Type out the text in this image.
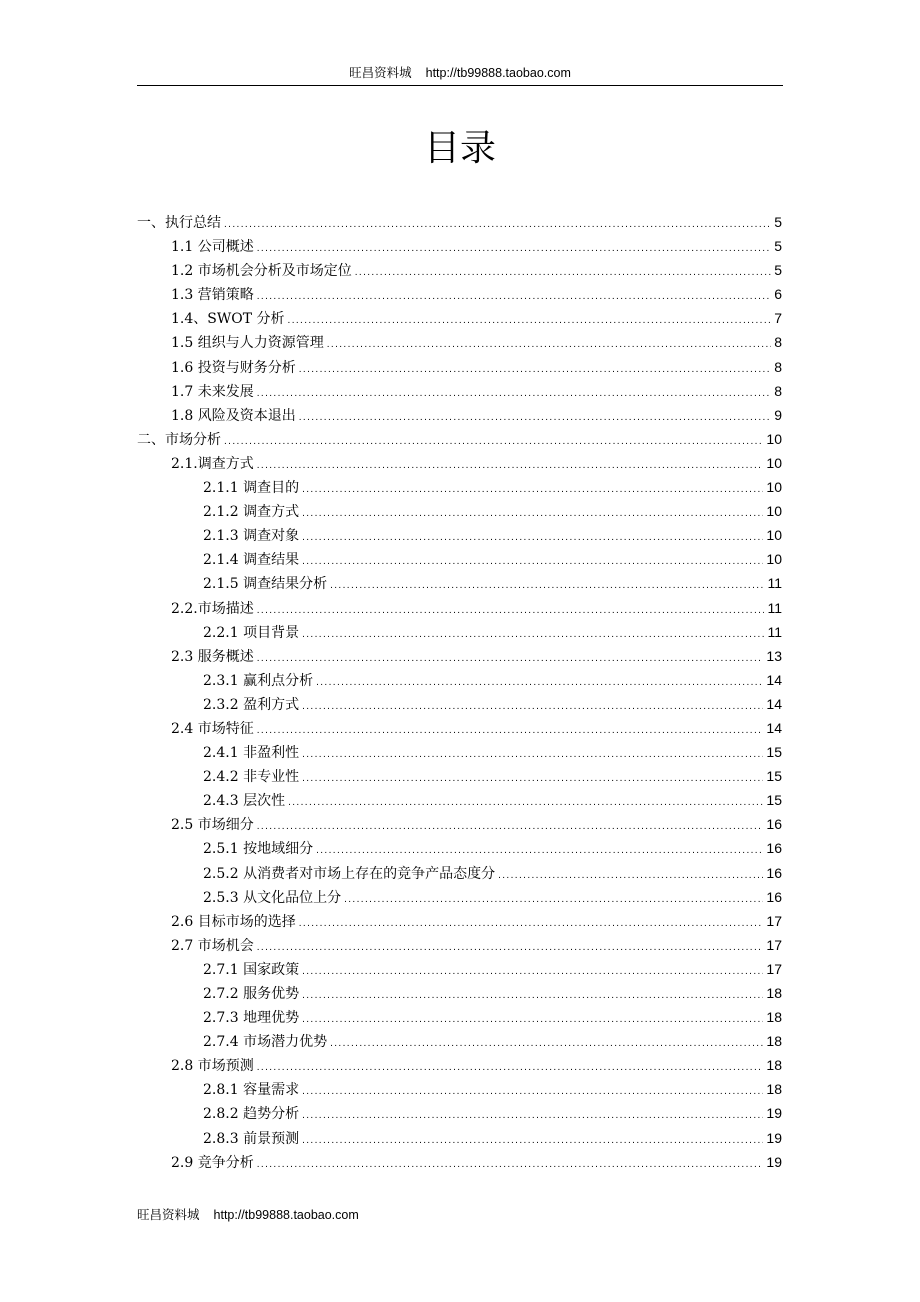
旺昌资料城 http://tb99888.taobao.com
目录
一、执行总结 .....	5
1.1 公司概述 .....	5
1.2 市场机会分析及市场定位 .....	5
1.3 营销策略 .....	6
1.4、SWOT 分析 .....	7
1.5 组织与人力资源管理 .....	8
1.6 投资与财务分析 .....	8
1.7 未来发展 .....	8
1.8 风险及资本退出 .....	9
二、市场分析 .....	10
2.1.调查方式 .....	10
2.1.1 调查目的 .....	10
2.1.2 调查方式 .....	10
2.1.3 调查对象 .....	10
2.1.4 调查结果 .....	10
2.1.5 调查结果分析 .....	11
2.2.市场描述 .....	11
2.2.1 项目背景 .....	11
2.3 服务概述 .....	13
2.3.1 赢利点分析 .....	14
2.3.2 盈利方式 .....	14
2.4 市场特征 .....	14
2.4.1 非盈利性 .....	15
2.4.2 非专业性 .....	15
2.4.3 层次性 .....	15
2.5 市场细分 .....	16
2.5.1 按地域细分 .....	16
2.5.2 从消费者对市场上存在的竞争产品态度分 .....	16
2.5.3 从文化品位上分 .....	16
2.6 目标市场的选择 .....	17
2.7 市场机会 .....	17
2.7.1 国家政策 .....	17
2.7.2 服务优势 .....	18
2.7.3 地理优势 .....	18
2.7.4 市场潜力优势 .....	18
2.8 市场预测 .....	18
2.8.1 容量需求 .....	18
2.8.2 趋势分析 .....	19
2.8.3 前景预测 .....	19
2.9 竞争分析 .....	19
旺昌资料城 http://tb99888.taobao.com
